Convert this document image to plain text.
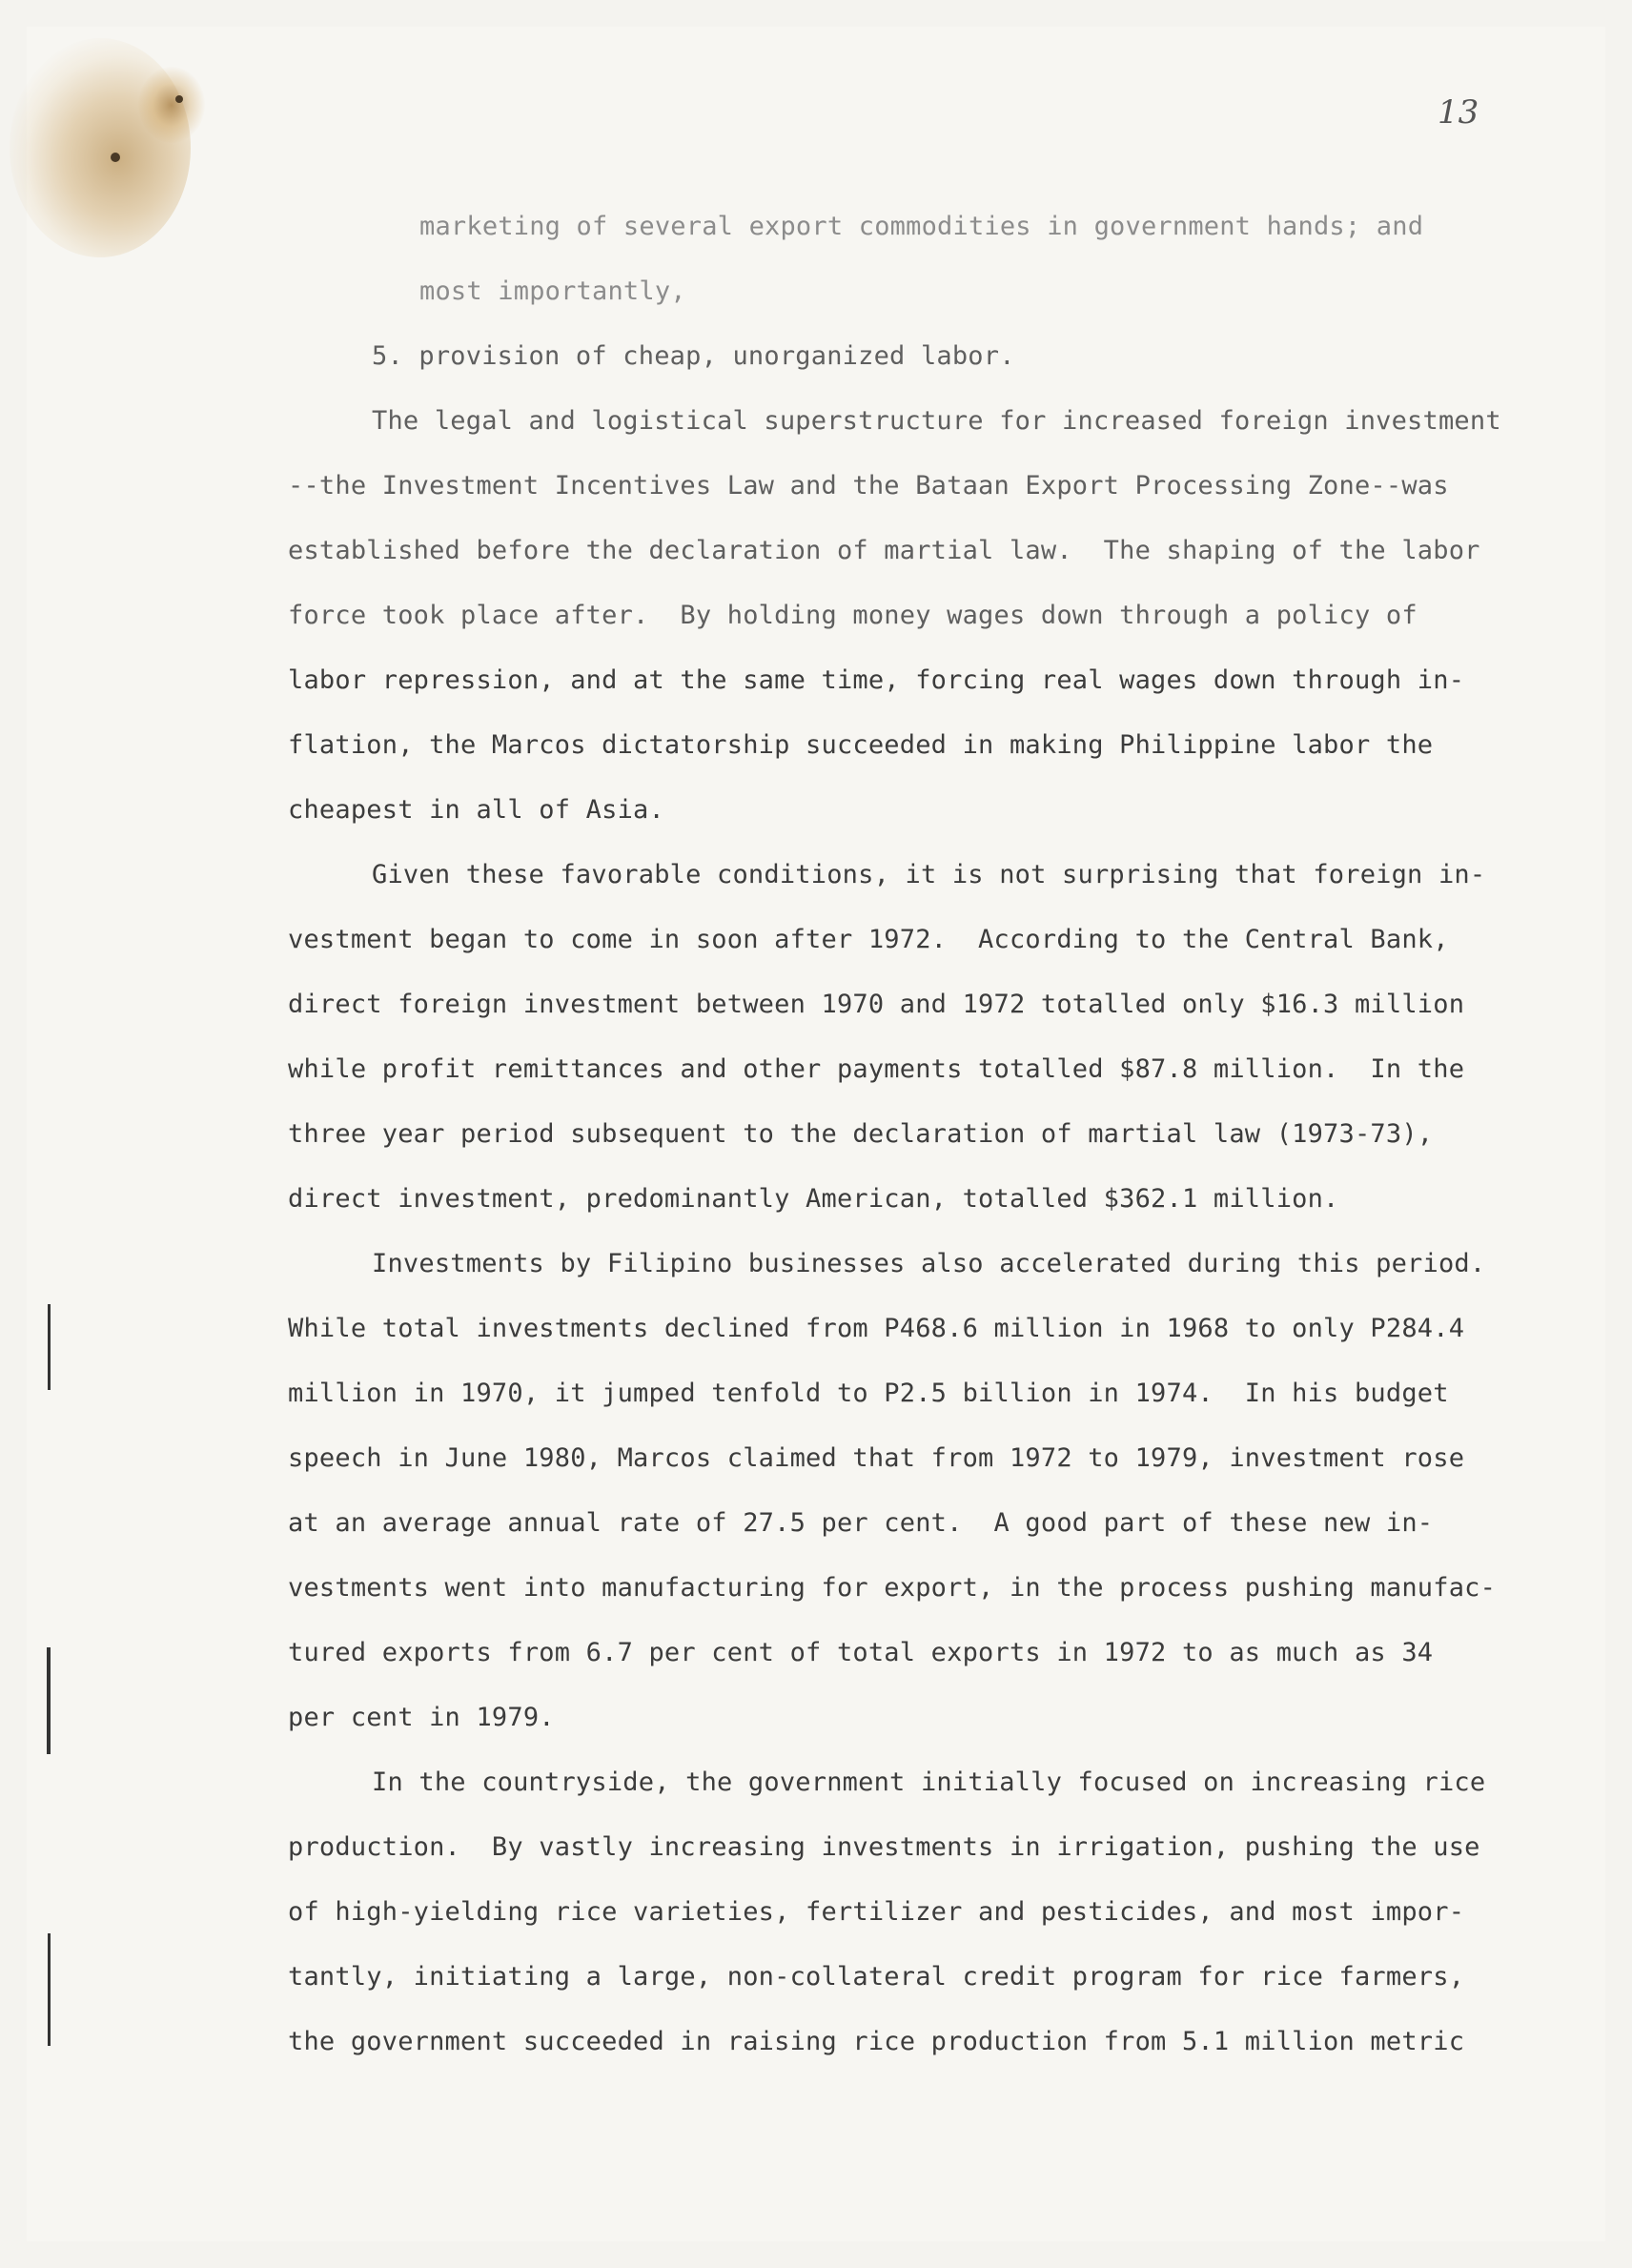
13
marketing of several export commodities in government hands; and
most importantly,
5. provision of cheap, unorganized labor.
The legal and logistical superstructure for increased foreign investment
--the Investment Incentives Law and the Bataan Export Processing Zone--was
established before the declaration of martial law.  The shaping of the labor
force took place after.  By holding money wages down through a policy of
labor repression, and at the same time, forcing real wages down through in-
flation, the Marcos dictatorship succeeded in making Philippine labor the
cheapest in all of Asia.
Given these favorable conditions, it is not surprising that foreign in-
vestment began to come in soon after 1972.  According to the Central Bank,
direct foreign investment between 1970 and 1972 totalled only $16.3 million
while profit remittances and other payments totalled $87.8 million.  In the
three year period subsequent to the declaration of martial law (1973-73),
direct investment, predominantly American, totalled $362.1 million.
Investments by Filipino businesses also accelerated during this period.
While total investments declined from P468.6 million in 1968 to only P284.4
million in 1970, it jumped tenfold to P2.5 billion in 1974.  In his budget
speech in June 1980, Marcos claimed that from 1972 to 1979, investment rose
at an average annual rate of 27.5 per cent.  A good part of these new in-
vestments went into manufacturing for export, in the process pushing manufac-
tured exports from 6.7 per cent of total exports in 1972 to as much as 34
per cent in 1979.
In the countryside, the government initially focused on increasing rice
production.  By vastly increasing investments in irrigation, pushing the use
of high-yielding rice varieties, fertilizer and pesticides, and most impor-
tantly, initiating a large, non-collateral credit program for rice farmers,
the government succeeded in raising rice production from 5.1 million metric
